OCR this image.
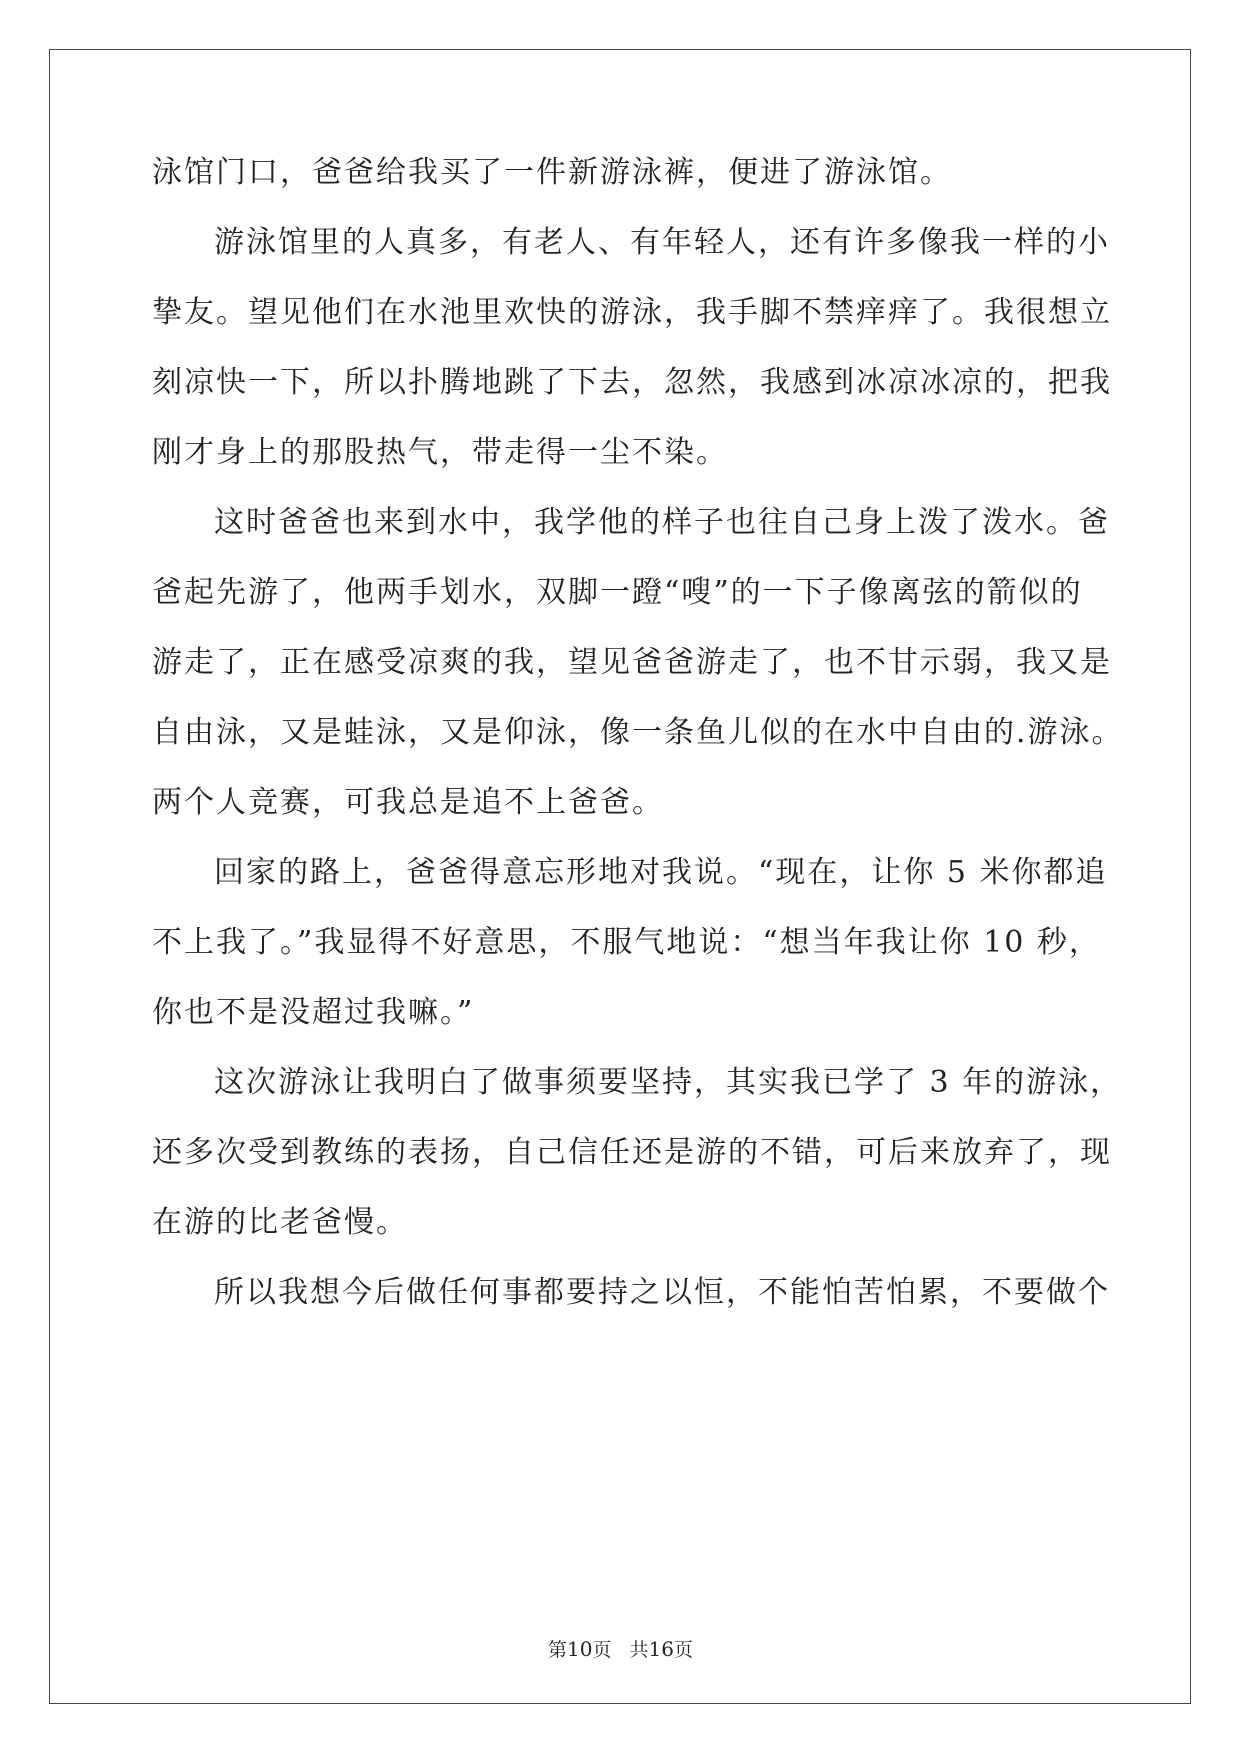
泳馆门口，爸爸给我买了一件新游泳裤，便进了游泳馆。
游泳馆里的人真多，有老人、有年轻人，还有许多像我一样的小
挚友。望见他们在水池里欢快的游泳，我手脚不禁痒痒了。我很想立
刻凉快一下，所以扑腾地跳了下去，忽然，我感到冰凉冰凉的，把我
刚才身上的那股热气，带走得一尘不染。
这时爸爸也来到水中，我学他的样子也往自己身上泼了泼水。爸
爸起先游了，他两手划水，双脚一蹬“嗖”的一下子像离弦的箭似的
游走了，正在感受凉爽的我，望见爸爸游走了，也不甘示弱，我又是
自由泳，又是蛙泳，又是仰泳，像一条鱼儿似的在水中自由的.游泳。
两个人竞赛，可我总是追不上爸爸。
回家的路上，爸爸得意忘形地对我说。“现在，让你 5 米你都追
不上我了。”我显得不好意思，不服气地说：“想当年我让你 10 秒，
你也不是没超过我嘛。”
这次游泳让我明白了做事须要坚持，其实我已学了 3 年的游泳，
还多次受到教练的表扬，自己信任还是游的不错，可后来放弃了，现
在游的比老爸慢。
所以我想今后做任何事都要持之以恒，不能怕苦怕累，不要做个
第10页 共16页
